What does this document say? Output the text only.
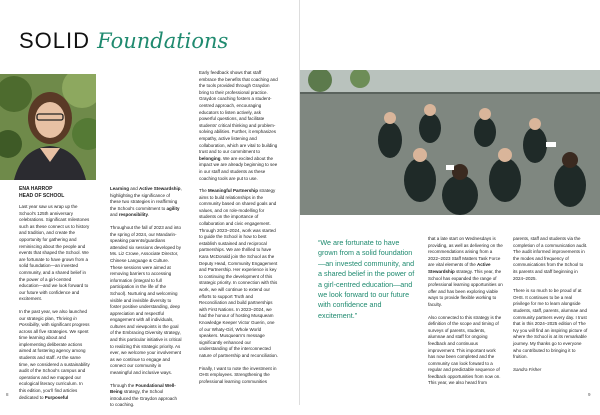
SOLID Foundations
ENA HARROP
HEAD OF SCHOOL

Last year saw us wrap up the School’s 125th anniversary celebrations. Significant milestones such as these connect us to history and tradition, and create the opportunity for gathering and reminiscing about the people and events that shaped the School. We are fortunate to have grown from a solid foundation—an invested community, and a shared belief in the power of a girl-centred education—and we look forward to our future with confidence and excitement.

In the past year, we also launched our strategic plan, Thriving in Possibility, with significant progress across all five strategies. We spent time learning about and implementing deliberate actions aimed at fostering agency among students and staff. At the same time, we considered a sustainability audit of the School’s campus and operations and we mapped our ecological literacy curriculum. In this edition, you’ll find articles dedicated to Purposeful

Learning and Active Stewardship, highlighting the significance of these two strategies in reaffirming the School’s commitment to agility and responsibility.

Throughout the fall of 2023 and into the spring of 2024, our Mandarin-speaking parents/guardians attended six sessions developed by Ms. Liz Crowe, Associate Director, Chinese Language & Culture. These sessions were aimed at removing barriers to accessing information (integral to full participation in the life of the School). Nurturing and welcoming visible and invisible diversity to foster positive understanding, deep appreciation and respectful engagement with all individuals, cultures and viewpoints is the goal of the Embracing Diversity strategy, and this particular initiative is critical to realizing this strategic priority. As ever, we welcome your involvement as we continue to engage and connect our community in meaningful and inclusive ways.

Through the Foundational Well-Being strategy, the School introduced the Graydon approach to coaching.

Early feedback shows that staff embrace the benefits that coaching and the tools provided through Graydon bring to their professional practice. Graydon coaching fosters a student-centred approach, encouraging educators to listen actively, ask powerful questions, and facilitate students’ critical thinking and problem-solving abilities. Further, it emphasizes empathy, active listening and collaboration, which are vital to building trust and to our commitment to belonging. We are excited about the impact we are already beginning to see in our staff and students as these coaching tools are put to use.

The Meaningful Partnership strategy aims to build relationships in the community based on shared goals and values, and on role-modelling for students on the importance of collaboration and civic engagement. Through 2023–2024, work was started to guide the School in how to best establish sustained and reciprocal partnerships. We are thrilled to have Kara McDonald join the School as the Deputy Head, Community Engagement and Partnership. Her experience is key to continuing the development of this strategic priority. In connection with this work, we will continue to extend our efforts to support Truth and Reconciliation and build partnerships with First Nations. In 2023–2024, we had the honour of hosting Musqueam Knowledge Keeper Victor Guerin, one of our Whaty-Girl, Whole World speakers. Musqueam’s message significantly enhanced our understanding of the interconnected nature of partnership and reconciliation.

Finally, I want to note the investment in OHS employees. Strengthening the professional learning communities

8
“We are fortunate to have grown from a solid foundation—an invested community, and a shared belief in the power of a girl-centred education—and we look forward to our future with confidence and excitement.”

that a late start on Wednesdays is providing, as well as delivering on the recommendations arising from a 2022–2023 Staff Matters Task Force are vital elements of the Active Stewardship strategy. This year, the School has expanded the range of professional learning opportunities on offer and has been exploring viable ways to provide flexible working to faculty.

Also connected to this strategy is the definition of the scope and timing of surveys of parents, students, alumnae and staff for ongoing feedback and continuous improvement. This important work has now been completed and the community can look forward to a regular and predictable sequence of feedback opportunities from now on. This year, we also heard from

parents, staff and students via the completion of a communication audit. The audit informed improvements in the modes and frequency of communications from the School to its parents and staff beginning in 2024–2025.

There is so much to be proud of at OHS. It continues to be a real privilege for me to learn alongside students, staff, parents, alumnae and community partners every day. I trust that in this 2024–2025 edition of The Ivy you will find an inspiring picture of where the School is at its remarkable journey. My thanks go to everyone who contributed to bringing it to fruition.

Sandra Fisher

9
